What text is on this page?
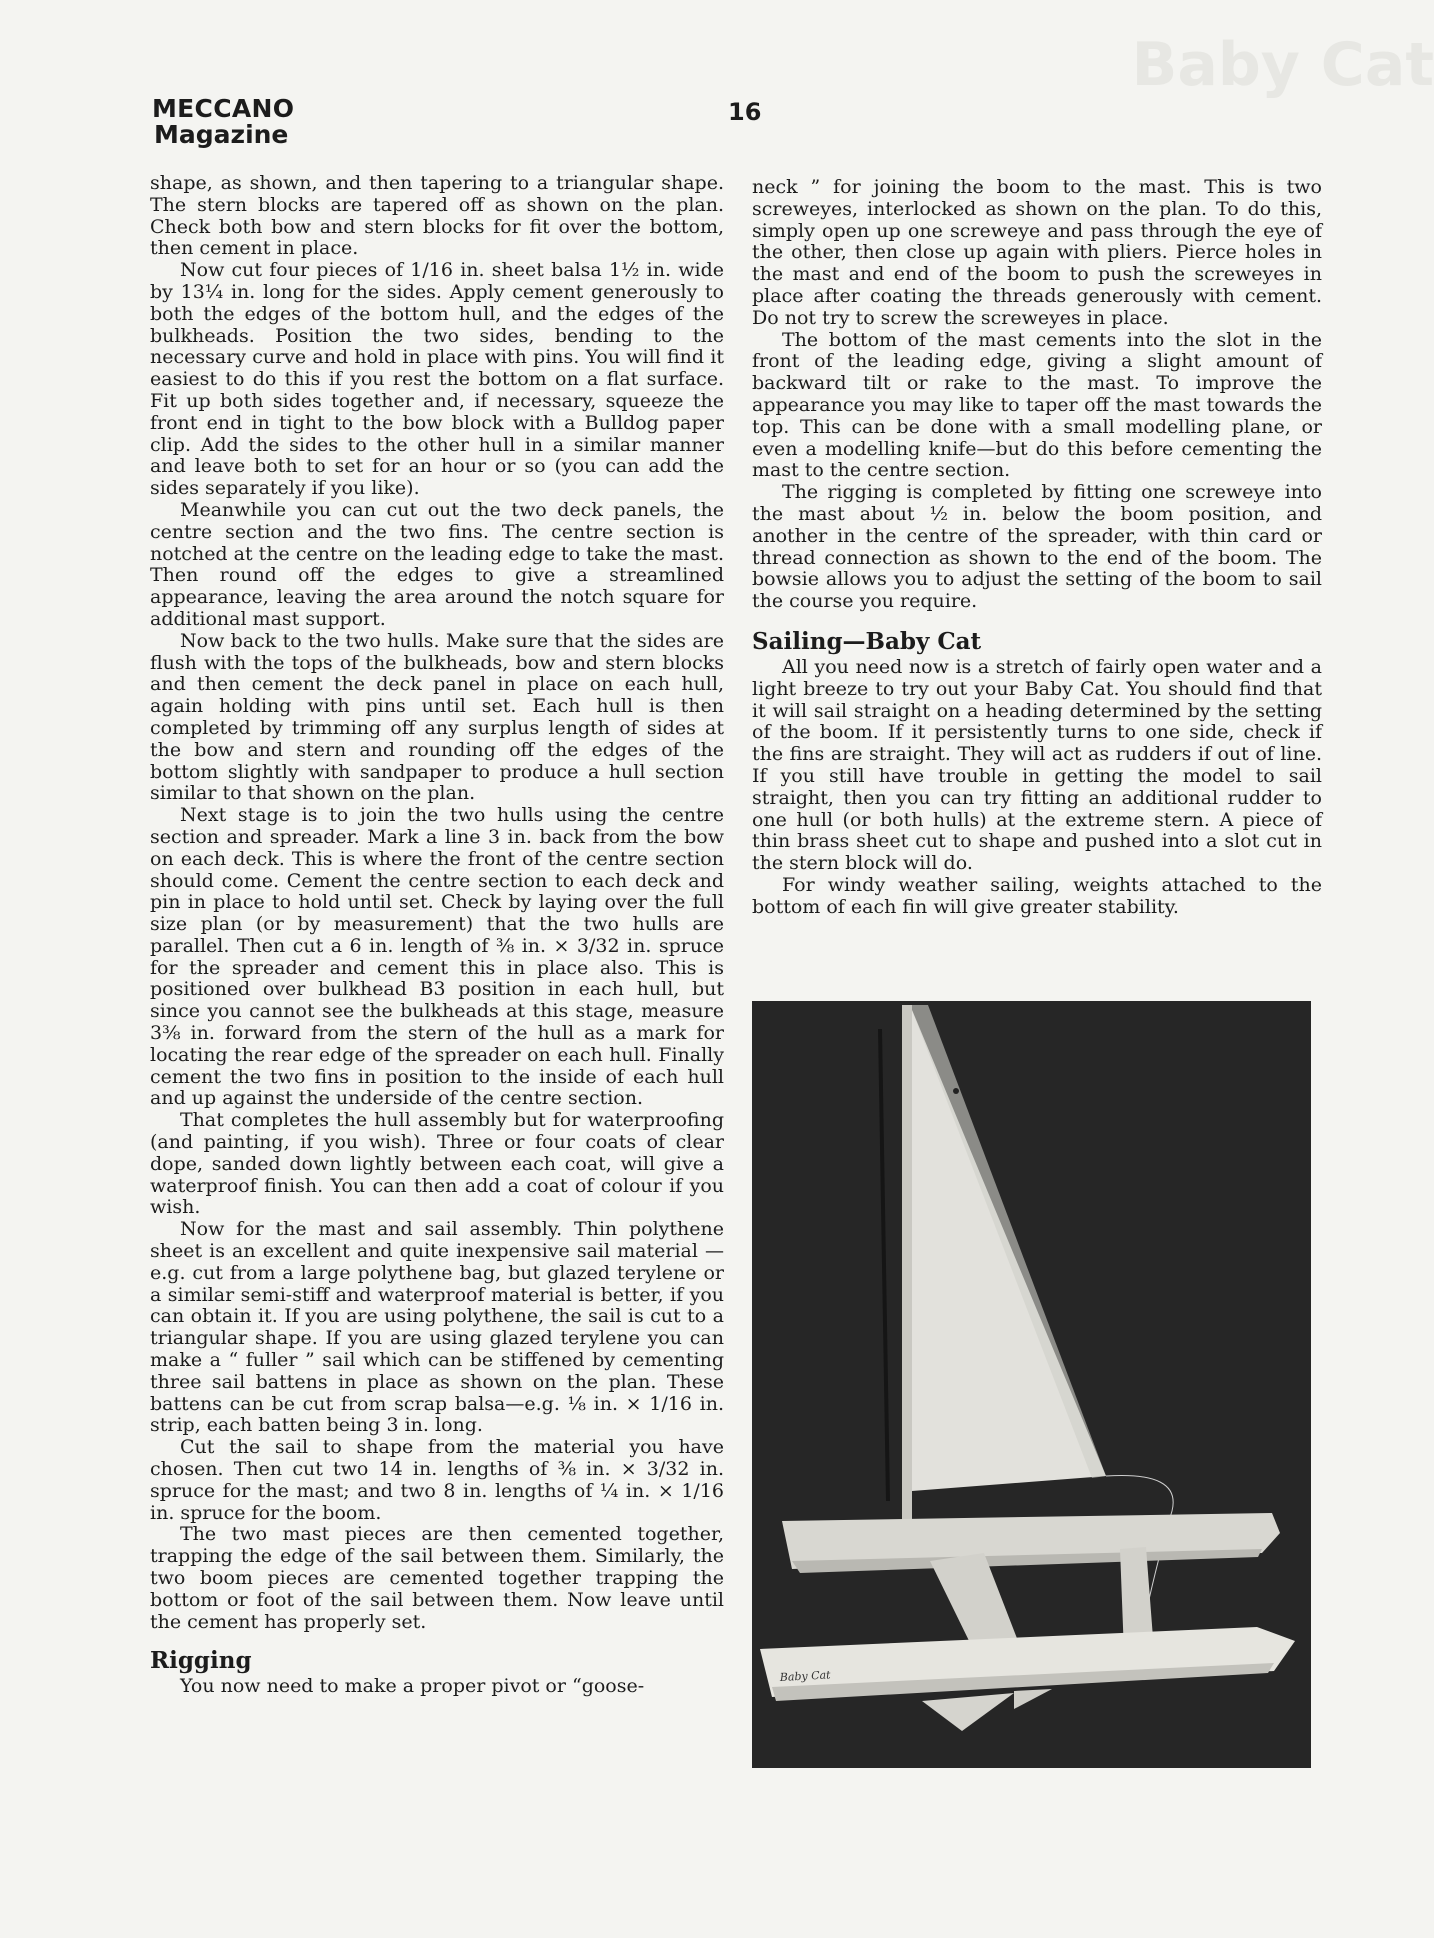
Baby Cat
MECCANO
Magazine
16

shape, as shown, and then tapering to a triangular shape. The stern blocks are tapered off as shown on the plan. Check both bow and stern blocks for fit over the bottom, then cement in place.

Now cut four pieces of 1/16 in. sheet balsa 1½ in. wide by 13¼ in. long for the sides. Apply cement generously to both the edges of the bottom hull, and the edges of the bulkheads. Position the two sides, bending to the necessary curve and hold in place with pins. You will find it easiest to do this if you rest the bottom on a flat surface. Fit up both sides together and, if necessary, squeeze the front end in tight to the bow block with a Bulldog paper clip. Add the sides to the other hull in a similar manner and leave both to set for an hour or so (you can add the sides separately if you like).

Meanwhile you can cut out the two deck panels, the centre section and the two fins. The centre section is notched at the centre on the leading edge to take the mast. Then round off the edges to give a streamlined appearance, leaving the area around the notch square for additional mast support.

Now back to the two hulls. Make sure that the sides are flush with the tops of the bulkheads, bow and stern blocks and then cement the deck panel in place on each hull, again holding with pins until set. Each hull is then completed by trimming off any surplus length of sides at the bow and stern and rounding off the edges of the bottom slightly with sandpaper to produce a hull section similar to that shown on the plan.

Next stage is to join the two hulls using the centre section and spreader. Mark a line 3 in. back from the bow on each deck. This is where the front of the centre section should come. Cement the centre section to each deck and pin in place to hold until set. Check by laying over the full size plan (or by measurement) that the two hulls are parallel. Then cut a 6 in. length of ⅜ in. × 3/32 in. spruce for the spreader and cement this in place also. This is positioned over bulkhead B3 position in each hull, but since you cannot see the bulkheads at this stage, measure 3⅜ in. forward from the stern of the hull as a mark for locating the rear edge of the spreader on each hull. Finally cement the two fins in position to the inside of each hull and up against the underside of the centre section.

That completes the hull assembly but for waterproofing (and painting, if you wish). Three or four coats of clear dope, sanded down lightly between each coat, will give a waterproof finish. You can then add a coat of colour if you wish.

Now for the mast and sail assembly. Thin polythene sheet is an excellent and quite inexpensive sail material —e.g. cut from a large polythene bag, but glazed terylene or a similar semi-stiff and waterproof material is better, if you can obtain it. If you are using polythene, the sail is cut to a triangular shape. If you are using glazed terylene you can make a “ fuller ” sail which can be stiffened by cementing three sail battens in place as shown on the plan. These battens can be cut from scrap balsa—e.g. ⅛ in. × 1/16 in. strip, each batten being 3 in. long.

Cut the sail to shape from the material you have chosen. Then cut two 14 in. lengths of ⅜ in. × 3/32 in. spruce for the mast; and two 8 in. lengths of ¼ in. × 1/16 in. spruce for the boom.

The two mast pieces are then cemented together, trapping the edge of the sail between them. Similarly, the two boom pieces are cemented together trapping the bottom or foot of the sail between them. Now leave until the cement has properly set.

Rigging

You now need to make a proper pivot or “goose-

neck ” for joining the boom to the mast. This is two screweyes, interlocked as shown on the plan. To do this, simply open up one screweye and pass through the eye of the other, then close up again with pliers. Pierce holes in the mast and end of the boom to push the screweyes in place after coating the threads generously with cement. Do not try to screw the screweyes in place.

The bottom of the mast cements into the slot in the front of the leading edge, giving a slight amount of backward tilt or rake to the mast. To improve the appearance you may like to taper off the mast towards the top. This can be done with a small modelling plane, or even a modelling knife—but do this before cementing the mast to the centre section.

The rigging is completed by fitting one screweye into the mast about ½ in. below the boom position, and another in the centre of the spreader, with thin card or thread connection as shown to the end of the boom. The bowsie allows you to adjust the setting of the boom to sail the course you require.

Sailing—Baby Cat

All you need now is a stretch of fairly open water and a light breeze to try out your Baby Cat. You should find that it will sail straight on a heading determined by the setting of the boom. If it persistently turns to one side, check if the fins are straight. They will act as rudders if out of line. If you still have trouble in getting the model to sail straight, then you can try fitting an additional rudder to one hull (or both hulls) at the extreme stern. A piece of thin brass sheet cut to shape and pushed into a slot cut in the stern block will do.

For windy weather sailing, weights attached to the bottom of each fin will give greater stability.

Baby Cat
